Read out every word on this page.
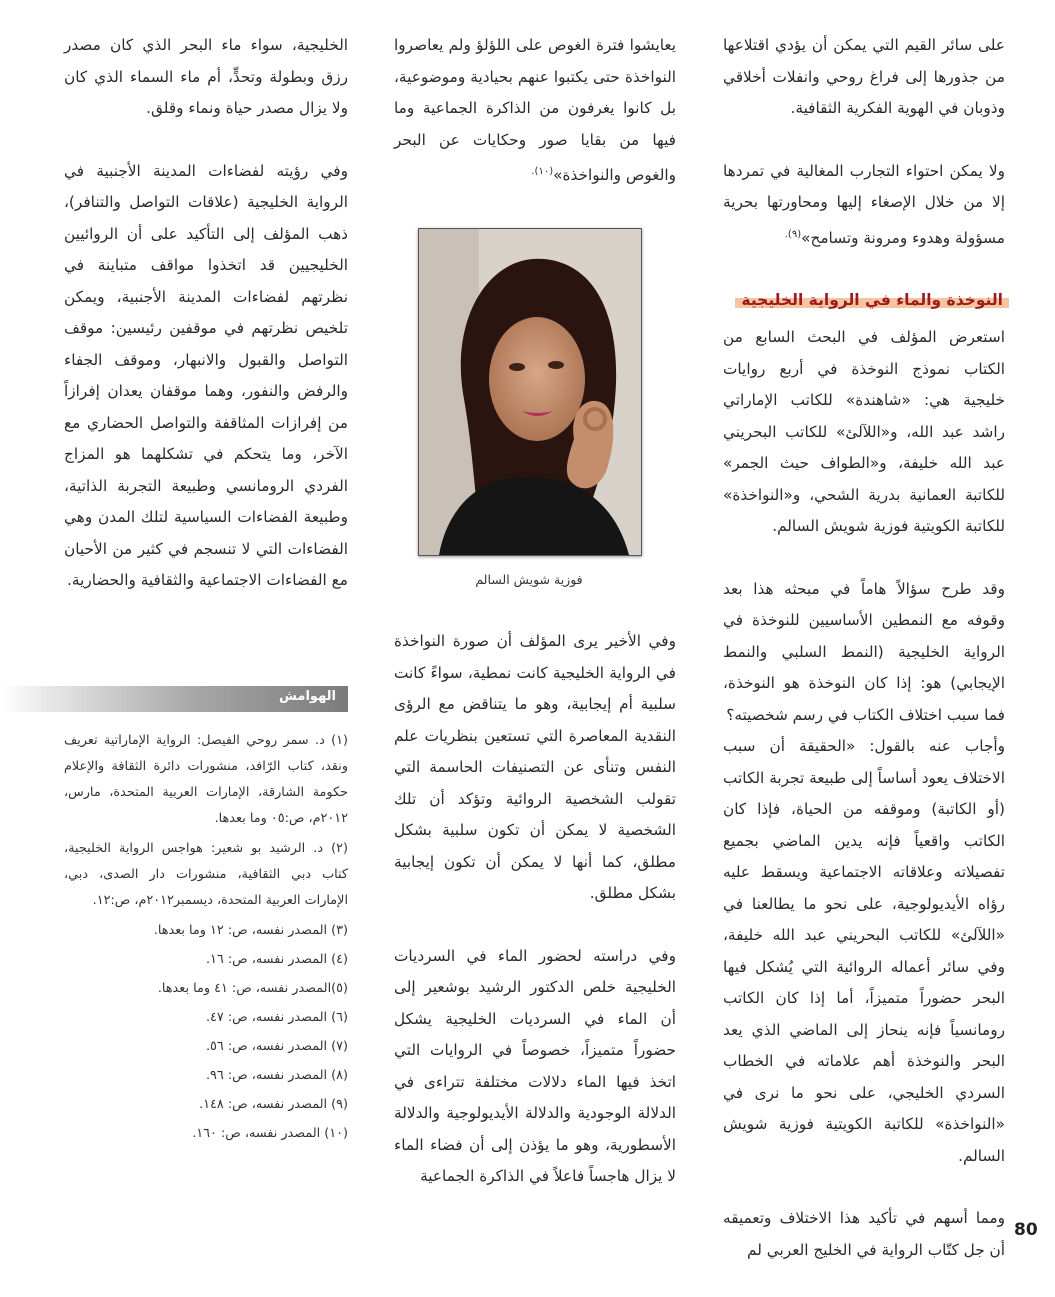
على سائر القيم التي يمكن أن يؤدي اقتلاعها من جذورها إلى فراغ روحي وانفلات أخلاقي وذوبان في الهوية الفكرية الثقافية.

ولا يمكن احتواء التجارب المغالية في تمردها إلا من خلال الإصغاء إليها ومحاورتها بحرية مسؤولة وهدوء ومرونة وتسامح»$^{(٩).}$

النوخذة والماء في الرواية الخليجية

استعرض المؤلف في البحث السابع من الكتاب نموذج النوخذة في أربع روايات خليجية هي: «شاهندة» للكاتب الإماراتي راشد عبد الله، و«اللآلئ» للكاتب البحريني عبد الله خليفة، و«الطواف حيث الجمر» للكاتبة العمانية بدرية الشحي، و«النواخذة» للكاتبة الكويتية فوزية شويش السالم.

وقد طرح سؤالاً هاماً في مبحثه هذا بعد وقوفه مع النمطين الأساسيين للنوخذة في الرواية الخليجية (النمط السلبي والنمط الإيجابي) هو: إذا كان النوخذة هو النوخذة، فما سبب اختلاف الكتاب في رسم شخصيته؟

وأجاب عنه بالقول: «الحقيقة أن سبب الاختلاف يعود أساساً إلى طبيعة تجربة الكاتب (أو الكاتبة) وموقفه من الحياة، فإذا كان الكاتب واقعياً فإنه يدين الماضي بجميع تفصيلاته وعلاقاته الاجتماعية ويسقط عليه رؤاه الأيديولوجية، على نحو ما يطالعنا في «اللآلئ» للكاتب البحريني عبد الله خليفة، وفي سائر أعماله الروائية التي يُشكل فيها البحر حضوراً متميزاً، أما إذا كان الكاتب رومانسياً فإنه ينحاز إلى الماضي الذي يعد البحر والنوخذة أهم علاماته في الخطاب السردي الخليجي، على نحو ما نرى في «النواخذة» للكاتبة الكويتية فوزية شويش السالم.

ومما أسهم في تأكيد هذا الاختلاف وتعميقه أن جل كتّاب الرواية في الخليج العربي لم

يعايشوا فترة الغوص على اللؤلؤ ولم يعاصروا النواخذة حتى يكتبوا عنهم بحيادية وموضوعية، بل كانوا يغرفون من الذاكرة الجماعية وما فيها من بقايا صور وحكايات عن البحر والغوص والنواخذة»$^{(١٠).}$

فوزية شويش السالم

وفي الأخير يرى المؤلف أن صورة النواخذة في الرواية الخليجية كانت نمطية، سواءً كانت سلبية أم إيجابية، وهو ما يتناقض مع الرؤى النقدية المعاصرة التي تستعين بنظريات علم النفس وتنأى عن التصنيفات الحاسمة التي تقولب الشخصية الروائية وتؤكد أن تلك الشخصية لا يمكن أن تكون سلبية بشكل مطلق، كما أنها لا يمكن أن تكون إيجابية بشكل مطلق.

وفي دراسته لحضور الماء في السرديات الخليجية خلص الدكتور الرشيد بوشعير إلى أن الماء في السرديات الخليجية يشكل حضوراً متميزاً، خصوصاً في الروايات التي اتخذ فيها الماء دلالات مختلفة تتراءى في الدلالة الوجودية والدلالة الأيديولوجية والدلالة الأسطورية، وهو ما يؤذن إلى أن فضاء الماء لا يزال هاجساً فاعلاً في الذاكرة الجماعية

الخليجية، سواء ماء البحر الذي كان مصدر رزق وبطولة وتحدٍّ، أم ماء السماء الذي كان ولا يزال مصدر حياة ونماء وقلق.

وفي رؤيته لفضاءات المدينة الأجنبية في الرواية الخليجية (علاقات التواصل والتنافر)، ذهب المؤلف إلى التأكيد على أن الروائيين الخليجيين قد اتخذوا مواقف متباينة في نظرتهم لفضاءات المدينة الأجنبية، ويمكن تلخيص نظرتهم في موقفين رئيسين: موقف التواصل والقبول والانبهار، وموقف الجفاء والرفض والنفور، وهما موقفان يعدان إفرازاً من إفرازات المثاقفة والتواصل الحضاري مع الآخر، وما يتحكم في تشكلهما هو المزاج الفردي الرومانسي وطبيعة التجربة الذاتية، وطبيعة الفضاءات السياسية لتلك المدن وهي الفضاءات التي لا تنسجم في كثير من الأحيان مع الفضاءات الاجتماعية والثقافية والحضارية.

الهوامش
(١) د. سمر روحي الفيصل: الرواية الإماراتية تعريف ونقد، كتاب الرّافد، منشورات دائرة الثقافة والإعلام حكومة الشارقة، الإمارات العربية المتحدة، مارس، ٢٠١٢م، ص:٠٥ وما بعدها.
(٢) د. الرشيد بو شعير: هواجس الرواية الخليجية، كتاب دبي الثقافية، منشورات دار الصدى، دبي، الإمارات العربية المتحدة، ديسمبر٢٠١٢م، ص:١٢.
(٣) المصدر نفسه، ص: ١٢ وما بعدها.
(٤) المصدر نفسه، ص: ١٦.
(٥)المصدر نفسه، ص: ٤١ وما بعدها.
(٦) المصدر نفسه، ص: ٤٧.
(٧) المصدر نفسه، ص: ٥٦.
(٨) المصدر نفسه، ص: ٩٦.
(٩) المصدر نفسه، ص: ١٤٨.
(١٠) المصدر نفسه، ص: ١٦٠.
80
